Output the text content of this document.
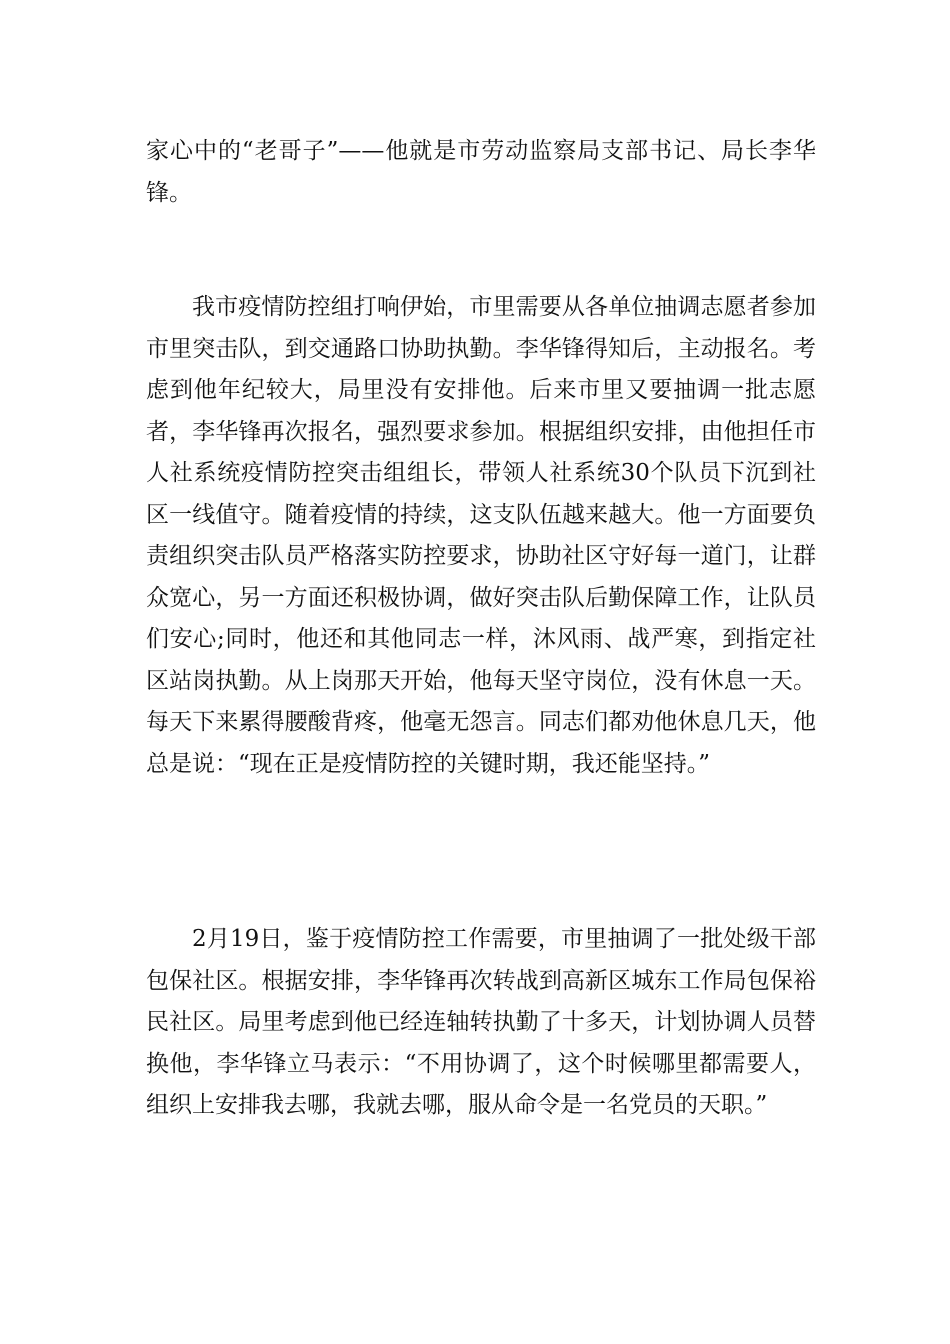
家心中的“老哥子”——他就是市劳动监察局支部书记、局长李华锋。

我市疫情防控组打响伊始，市里需要从各单位抽调志愿者参加市里突击队，到交通路口协助执勤。李华锋得知后，主动报名。考虑到他年纪较大，局里没有安排他。后来市里又要抽调一批志愿者，李华锋再次报名，强烈要求参加。根据组织安排，由他担任市人社系统疫情防控突击组组长，带领人社系统30个队员下沉到社区一线值守。随着疫情的持续，这支队伍越来越大。他一方面要负责组织突击队员严格落实防控要求，协助社区守好每一道门，让群众宽心，另一方面还积极协调，做好突击队后勤保障工作，让队员们安心;同时，他还和其他同志一样，沐风雨、战严寒，到指定社区站岗执勤。从上岗那天开始，他每天坚守岗位，没有休息一天。每天下来累得腰酸背疼，他毫无怨言。同志们都劝他休息几天，他总是说：“现在正是疫情防控的关键时期，我还能坚持。”

2月19日，鉴于疫情防控工作需要，市里抽调了一批处级干部包保社区。根据安排，李华锋再次转战到高新区城东工作局包保裕民社区。局里考虑到他已经连轴转执勤了十多天，计划协调人员替换他，李华锋立马表示：“不用协调了，这个时候哪里都需要人，组织上安排我去哪，我就去哪，服从命令是一名党员的天职。”
